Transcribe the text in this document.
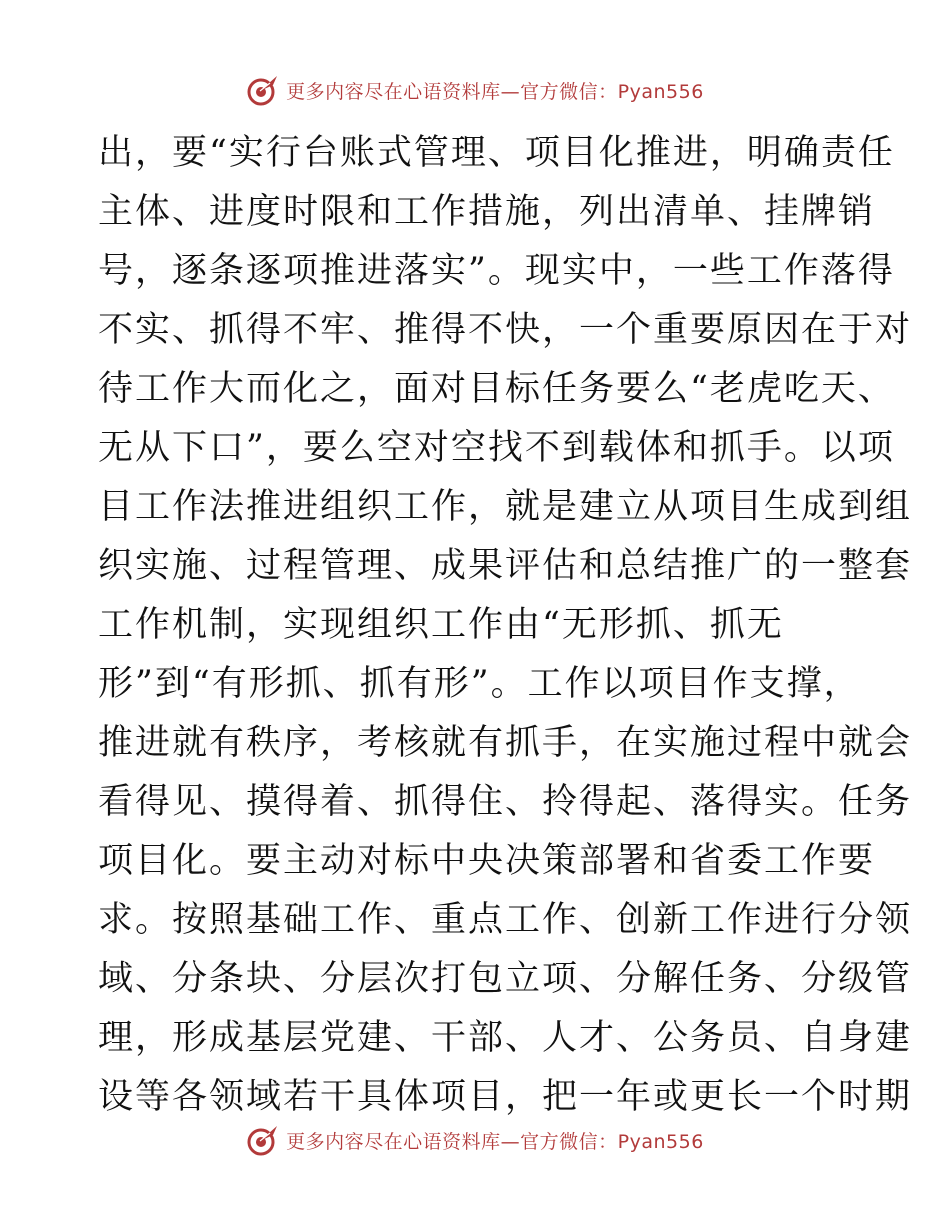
更多内容尽在心语资料库—官方微信：Pyan556
出，要“实行台账式管理、项目化推进，明确责任
主体、进度时限和工作措施，列出清单、挂牌销
号，逐条逐项推进落实”。现实中，一些工作落得
不实、抓得不牢、推得不快，一个重要原因在于对
待工作大而化之，面对目标任务要么“老虎吃天、
无从下口”，要么空对空找不到载体和抓手。以项
目工作法推进组织工作，就是建立从项目生成到组
织实施、过程管理、成果评估和总结推广的一整套
工作机制，实现组织工作由“无形抓、抓无
形”到“有形抓、抓有形”。工作以项目作支撑，
推进就有秩序，考核就有抓手，在实施过程中就会
看得见、摸得着、抓得住、拎得起、落得实。任务
项目化。要主动对标中央决策部署和省委工作要
求。按照基础工作、重点工作、创新工作进行分领
域、分条块、分层次打包立项、分解任务、分级管
理，形成基层党建、干部、人才、公务员、自身建
设等各领域若干具体项目，把一年或更长一个时期
更多内容尽在心语资料库—官方微信：Pyan556
